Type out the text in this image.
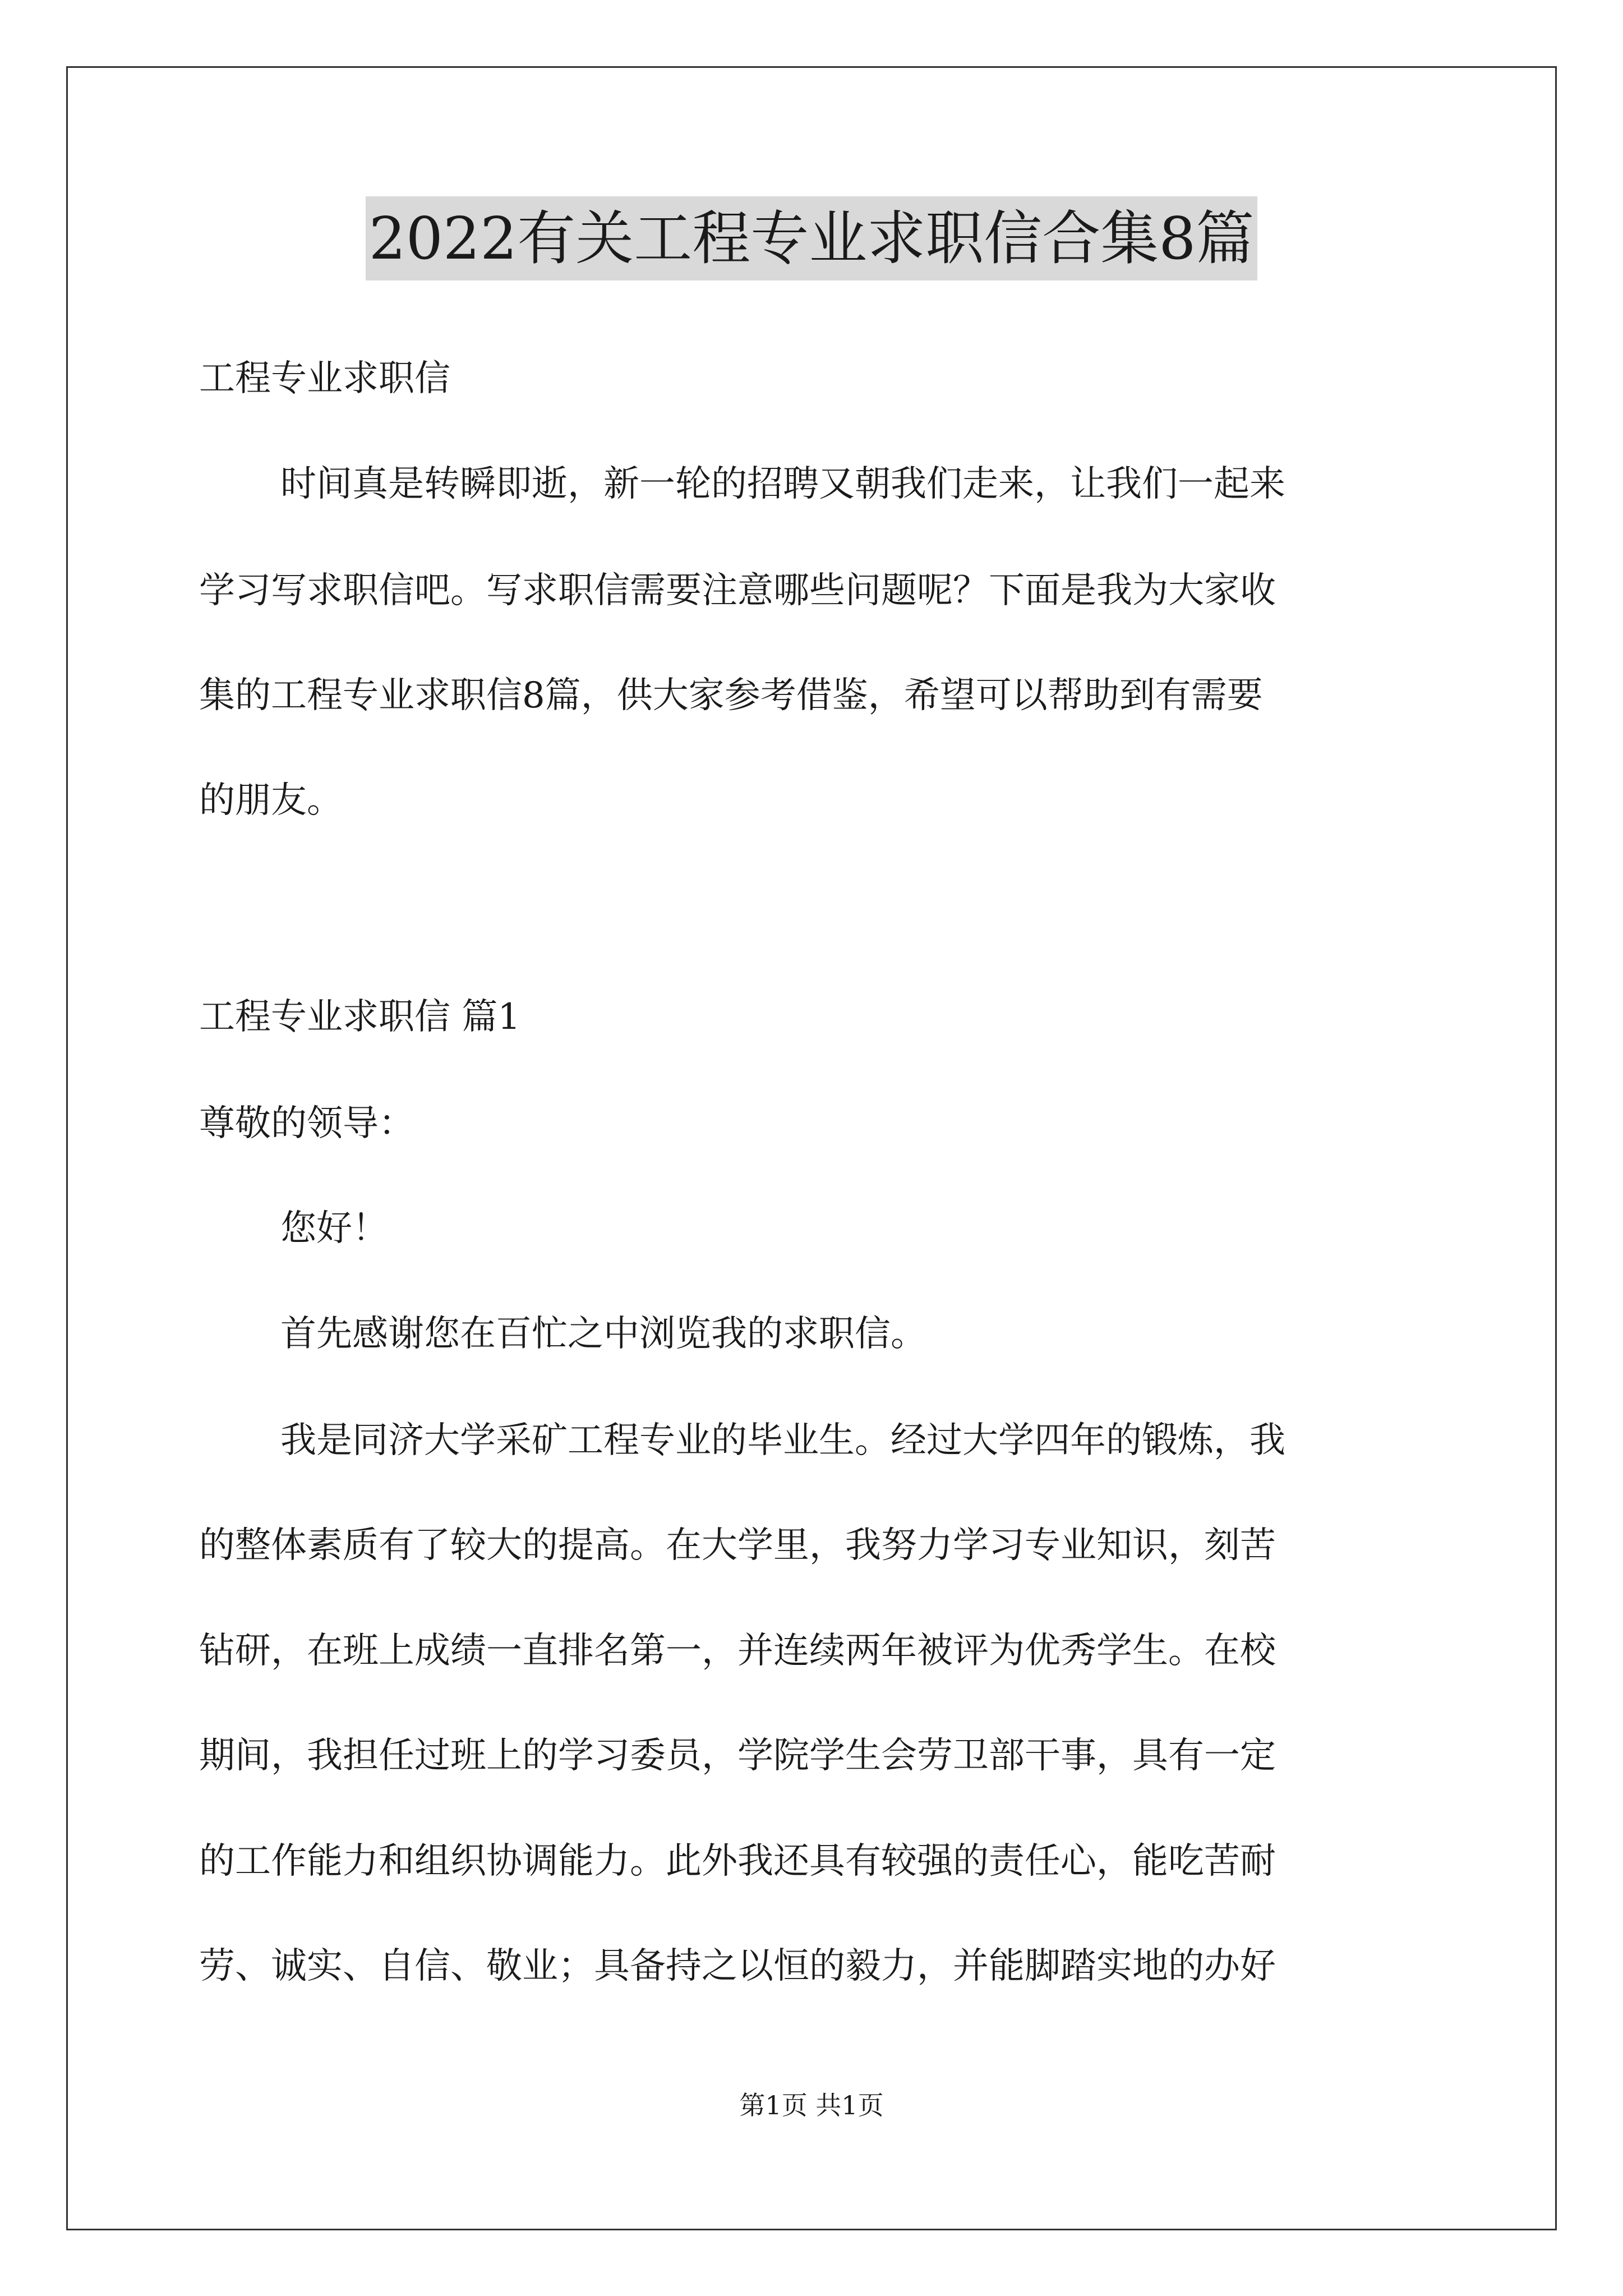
2022有关工程专业求职信合集8篇
工程专业求职信
时间真是转瞬即逝，新一轮的招聘又朝我们走来，让我们一起来
学习写求职信吧。写求职信需要注意哪些问题呢？下面是我为大家收
集的工程专业求职信8篇，供大家参考借鉴，希望可以帮助到有需要
的朋友。
工程专业求职信 篇1
尊敬的领导：
您好！
首先感谢您在百忙之中浏览我的求职信。
我是同济大学采矿工程专业的毕业生。经过大学四年的锻炼，我
的整体素质有了较大的提高。在大学里，我努力学习专业知识，刻苦
钻研，在班上成绩一直排名第一，并连续两年被评为优秀学生。在校
期间，我担任过班上的学习委员，学院学生会劳卫部干事，具有一定
的工作能力和组织协调能力。此外我还具有较强的责任心，能吃苦耐
劳、诚实、自信、敬业；具备持之以恒的毅力，并能脚踏实地的办好
第1页 共1页
